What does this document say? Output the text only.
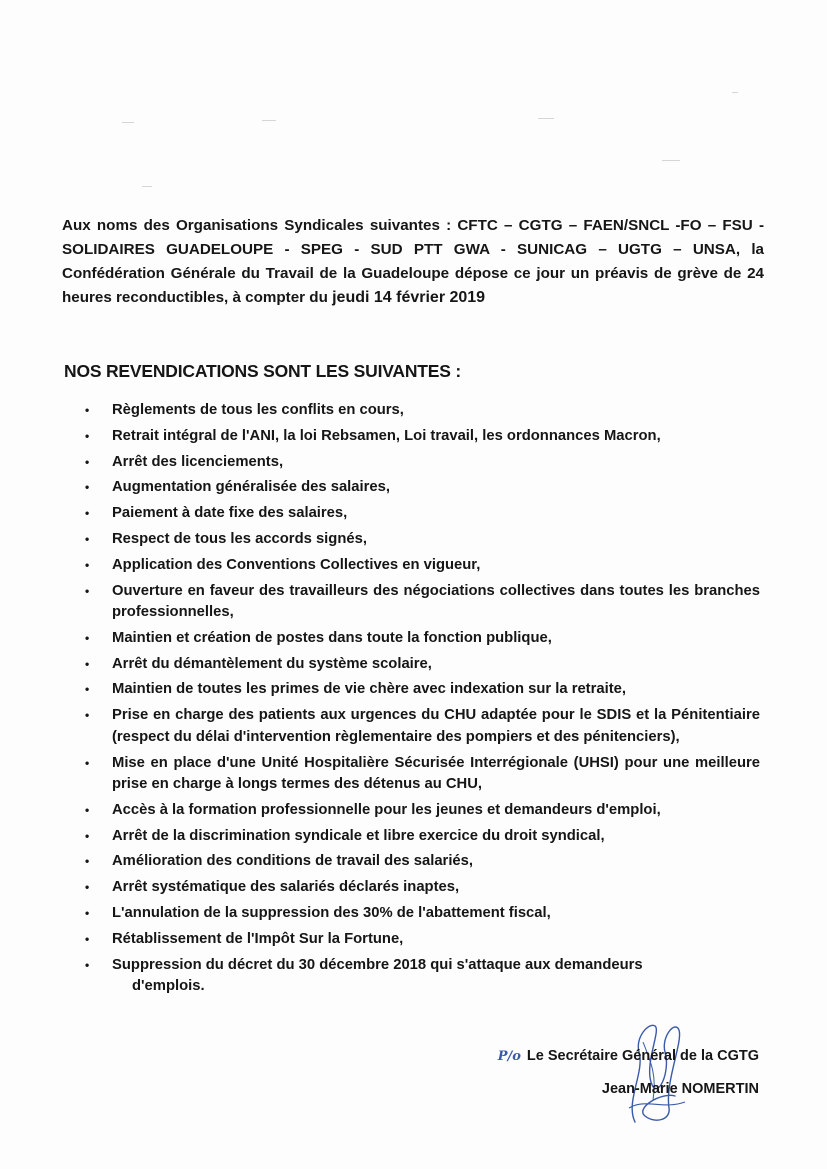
Aux noms des Organisations Syndicales suivantes : CFTC – CGTG – FAEN/SNCL -FO – FSU - SOLIDAIRES GUADELOUPE - SPEG - SUD PTT GWA - SUNICAG – UGTG – UNSA, la Confédération Générale du Travail de la Guadeloupe dépose ce jour un préavis de grève de 24 heures reconductibles, à compter du jeudi 14 février 2019

NOS REVENDICATIONS SONT LES SUIVANTES :
• Règlements de tous les conflits en cours,
• Retrait intégral de l'ANI, la loi Rebsamen, Loi travail, les ordonnances Macron,
• Arrêt des licenciements,
• Augmentation généralisée des salaires,
• Paiement à date fixe des salaires,
• Respect de tous les accords signés,
• Application des Conventions Collectives en vigueur,
• Ouverture en faveur des travailleurs des négociations collectives dans toutes les branches professionnelles,
• Maintien et création de postes dans toute la fonction publique,
• Arrêt du démantèlement du système scolaire,
• Maintien de toutes les primes de vie chère avec indexation sur la retraite,
• Prise en charge des patients aux urgences du CHU adaptée pour le SDIS et la Pénitentiaire (respect du délai d'intervention règlementaire des pompiers et des pénitenciers),
• Mise en place d'une Unité Hospitalière Sécurisée Interrégionale (UHSI) pour une meilleure prise en charge à longs termes des détenus au CHU,
• Accès à la formation professionnelle pour les jeunes et demandeurs d'emploi,
• Arrêt de la discrimination syndicale et libre exercice du droit syndical,
• Amélioration des conditions de travail des salariés,
• Arrêt systématique des salariés déclarés inaptes,
• L'annulation de la suppression des 30% de l'abattement fiscal,
• Rétablissement de l'Impôt Sur la Fortune,
• Suppression du décret du 30 décembre 2018 qui s'attaque aux demandeurs
d'emplois.
P/o Le Secrétaire Général de la CGTG
Jean-Marie NOMERTIN
